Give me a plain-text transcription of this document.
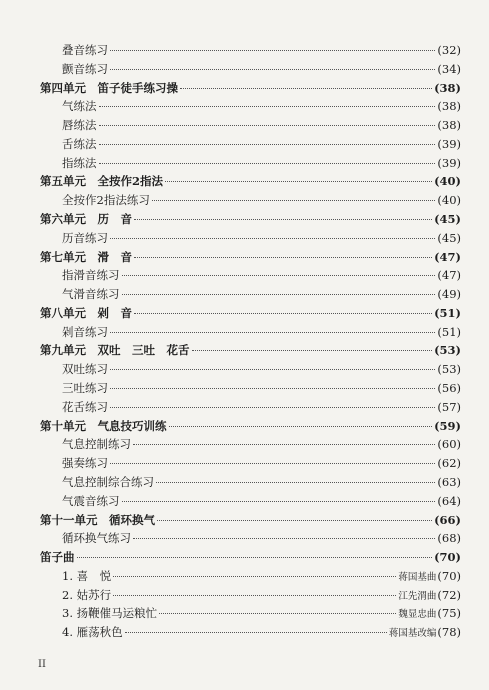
叠音练习	(32)
颤音练习	(34)
第四单元　笛子徒手练习操	(38)
气练法	(38)
唇练法	(38)
舌练法	(39)
指练法	(39)
第五单元　全按作2指法	(40)
全按作2指法练习	(40)
第六单元　历　音	(45)
历音练习	(45)
第七单元　滑　音	(47)
指滑音练习	(47)
气滑音练习	(49)
第八单元　剁　音	(51)
剁音练习	(51)
第九单元　双吐　三吐　花舌	(53)
双吐练习	(53)
三吐练习	(56)
花舌练习	(57)
第十单元　气息技巧训练	(59)
气息控制练习	(60)
强奏练习	(62)
气息控制综合练习	(63)
气震音练习	(64)
第十一单元　循环换气	(66)
循环换气练习	(68)
笛子曲	(70)
1. 喜　悦	蒋国基曲 (70)
2. 姑苏行	江先渭曲 (72)
3. 扬鞭催马运粮忙	魏显忠曲 (75)
4. 雁荡秋色	蒋国基改编 (78)
II
